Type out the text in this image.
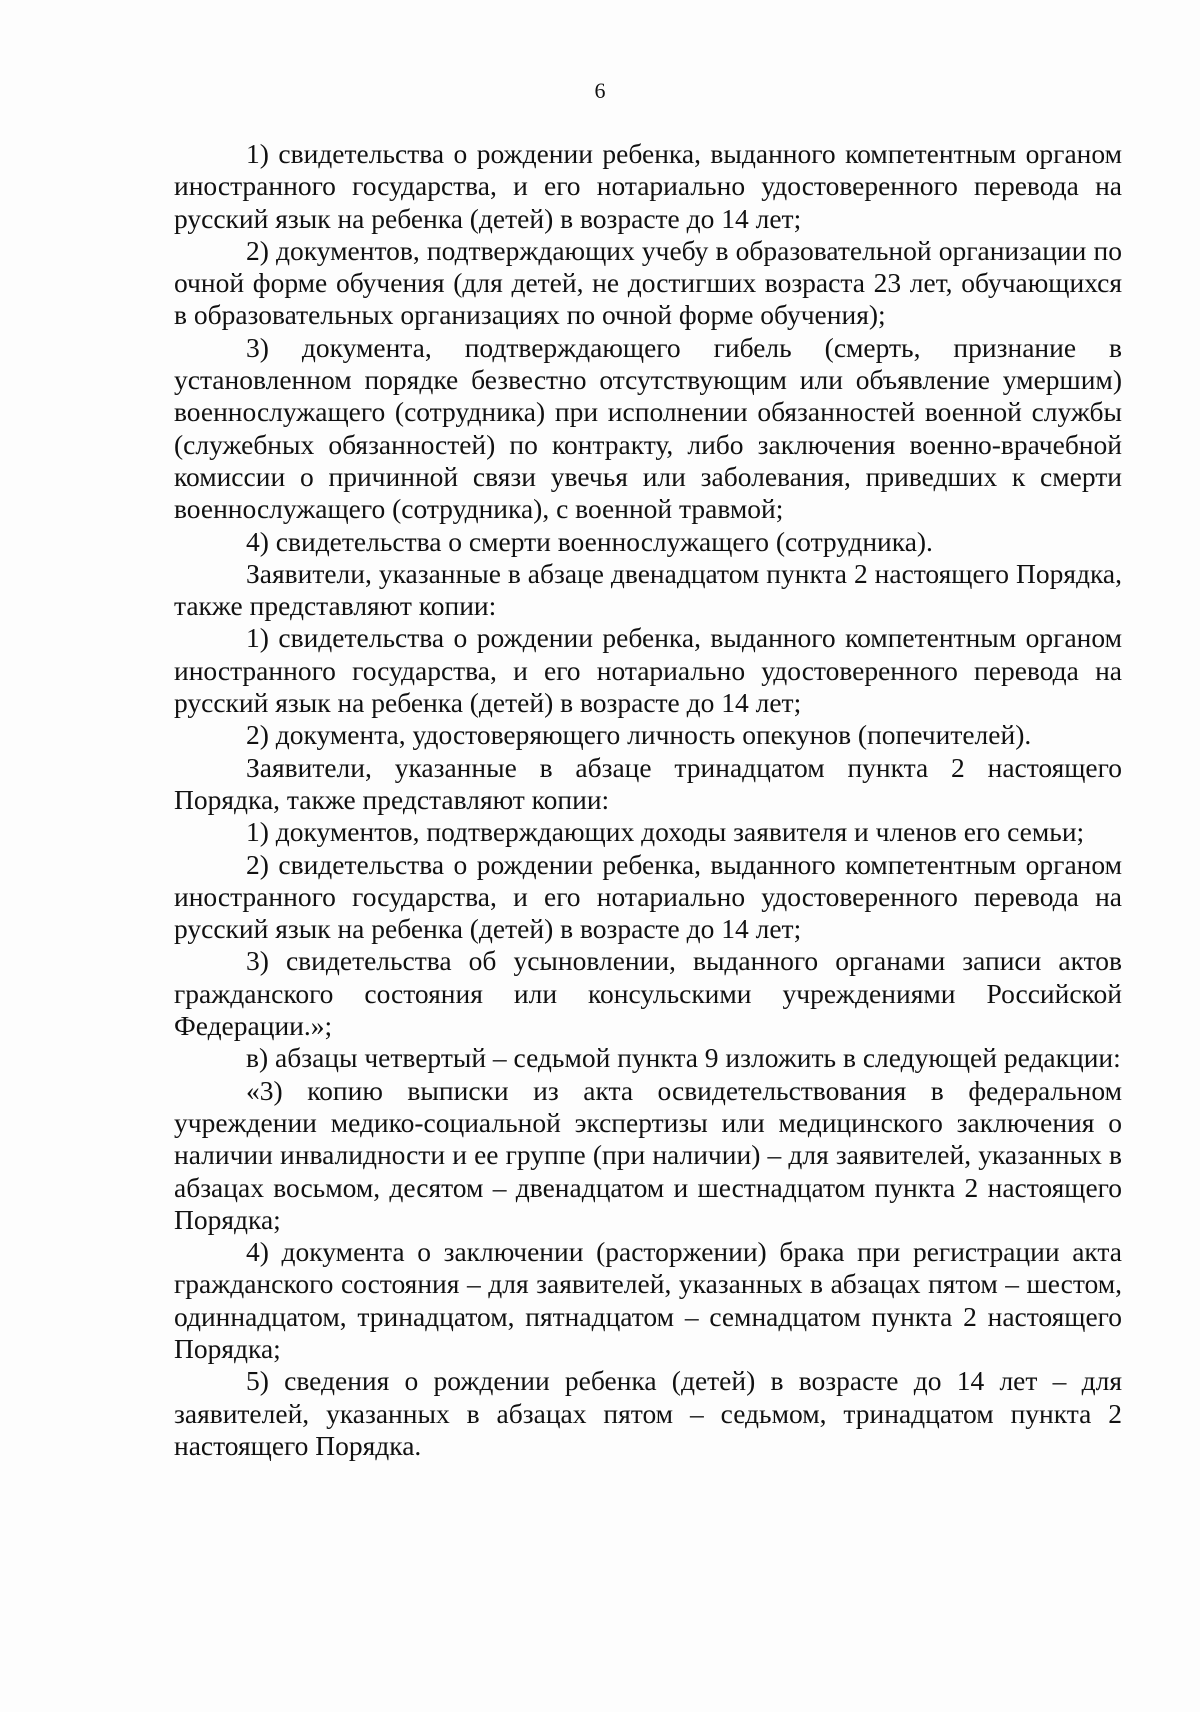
6

1) свидетельства о рождении ребенка, выданного компетентным органом иностранного государства, и его нотариально удостоверенного перевода на русский язык на ребенка (детей) в возрасте до 14 лет;

2) документов, подтверждающих учебу в образовательной организации по очной форме обучения (для детей, не достигших возраста 23 лет, обучающихся в образовательных организациях по очной форме обучения);

3) документа, подтверждающего гибель (смерть, признание в установленном порядке безвестно отсутствующим или объявление умершим) военнослужащего (сотрудника) при исполнении обязанностей военной службы (служебных обязанностей) по контракту, либо заключения военно-врачебной комиссии о причинной связи увечья или заболевания, приведших к смерти военнослужащего (сотрудника), с военной травмой;

4) свидетельства о смерти военнослужащего (сотрудника).

Заявители, указанные в абзаце двенадцатом пункта 2 настоящего Порядка, также представляют копии:

1) свидетельства о рождении ребенка, выданного компетентным органом иностранного государства, и его нотариально удостоверенного перевода на русский язык на ребенка (детей) в возрасте до 14 лет;

2) документа, удостоверяющего личность опекунов (попечителей).

Заявители, указанные в абзаце тринадцатом пункта 2 настоящего Порядка, также представляют копии:

1) документов, подтверждающих доходы заявителя и членов его семьи;

2) свидетельства о рождении ребенка, выданного компетентным органом иностранного государства, и его нотариально удостоверенного перевода на русский язык на ребенка (детей) в возрасте до 14 лет;

3) свидетельства об усыновлении, выданного органами записи актов гражданского состояния или консульскими учреждениями Российской Федерации.»;

в) абзацы четвертый – седьмой пункта 9 изложить в следующей редакции:

«3) копию выписки из акта освидетельствования в федеральном учреждении медико-социальной экспертизы или медицинского заключения о наличии инвалидности и ее группе (при наличии) – для заявителей, указанных в абзацах восьмом, десятом – двенадцатом и шестнадцатом пункта 2 настоящего Порядка;

4) документа о заключении (расторжении) брака при регистрации акта гражданского состояния – для заявителей, указанных в абзацах пятом – шестом, одиннадцатом, тринадцатом, пятнадцатом – семнадцатом пункта 2 настоящего Порядка;

5) сведения о рождении ребенка (детей) в возрасте до 14 лет – для заявителей, указанных в абзацах пятом – седьмом, тринадцатом пункта 2 настоящего Порядка.
